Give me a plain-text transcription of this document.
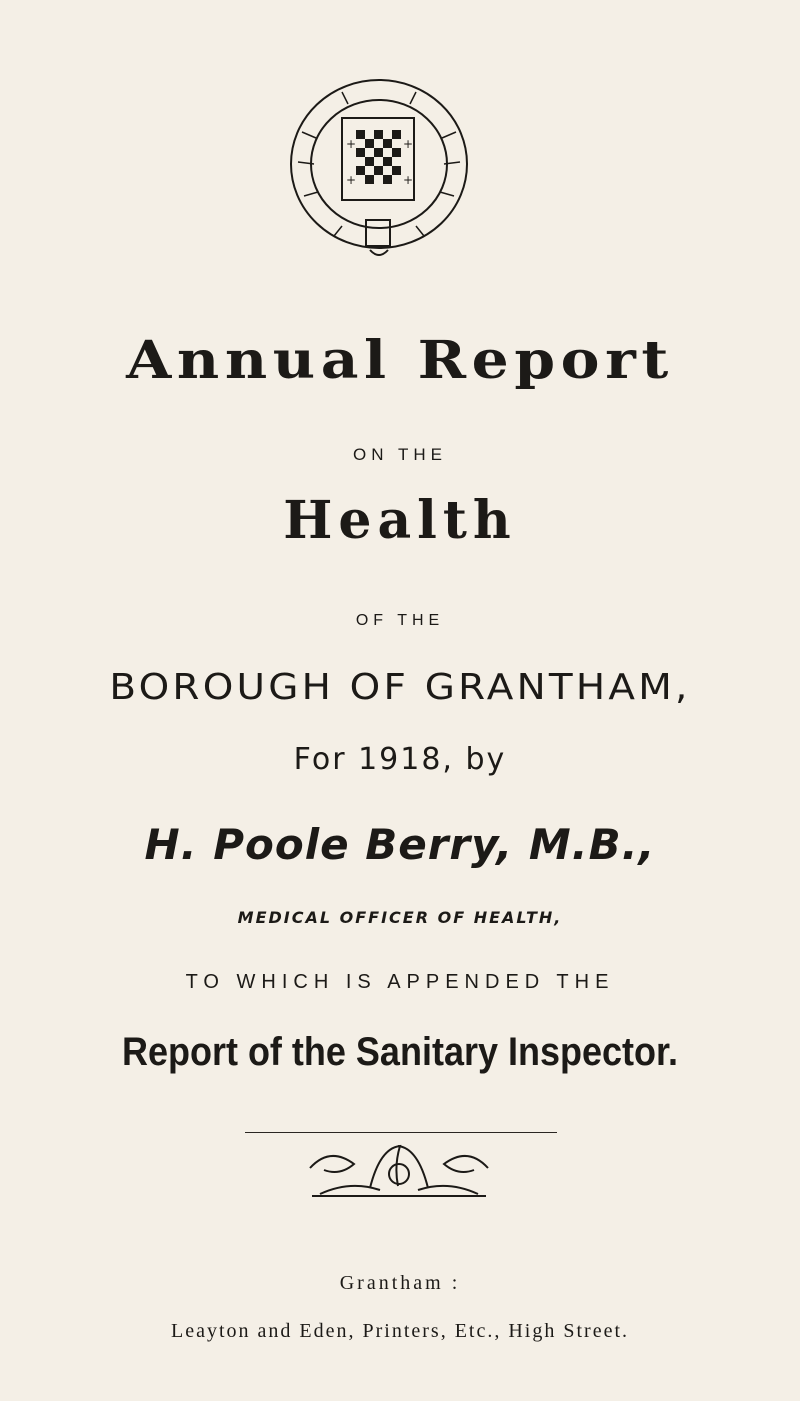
+	+
+	+
Annual Report
ON THE
Health
OF THE
BOROUGH OF GRANTHAM,
For 1918, by
H. Poole Berry, M.B.,
MEDICAL OFFICER OF HEALTH,
TO WHICH IS APPENDED THE
Report of the Sanitary Inspector.
Grantham :
Leayton and Eden, Printers, Etc., High Street.
